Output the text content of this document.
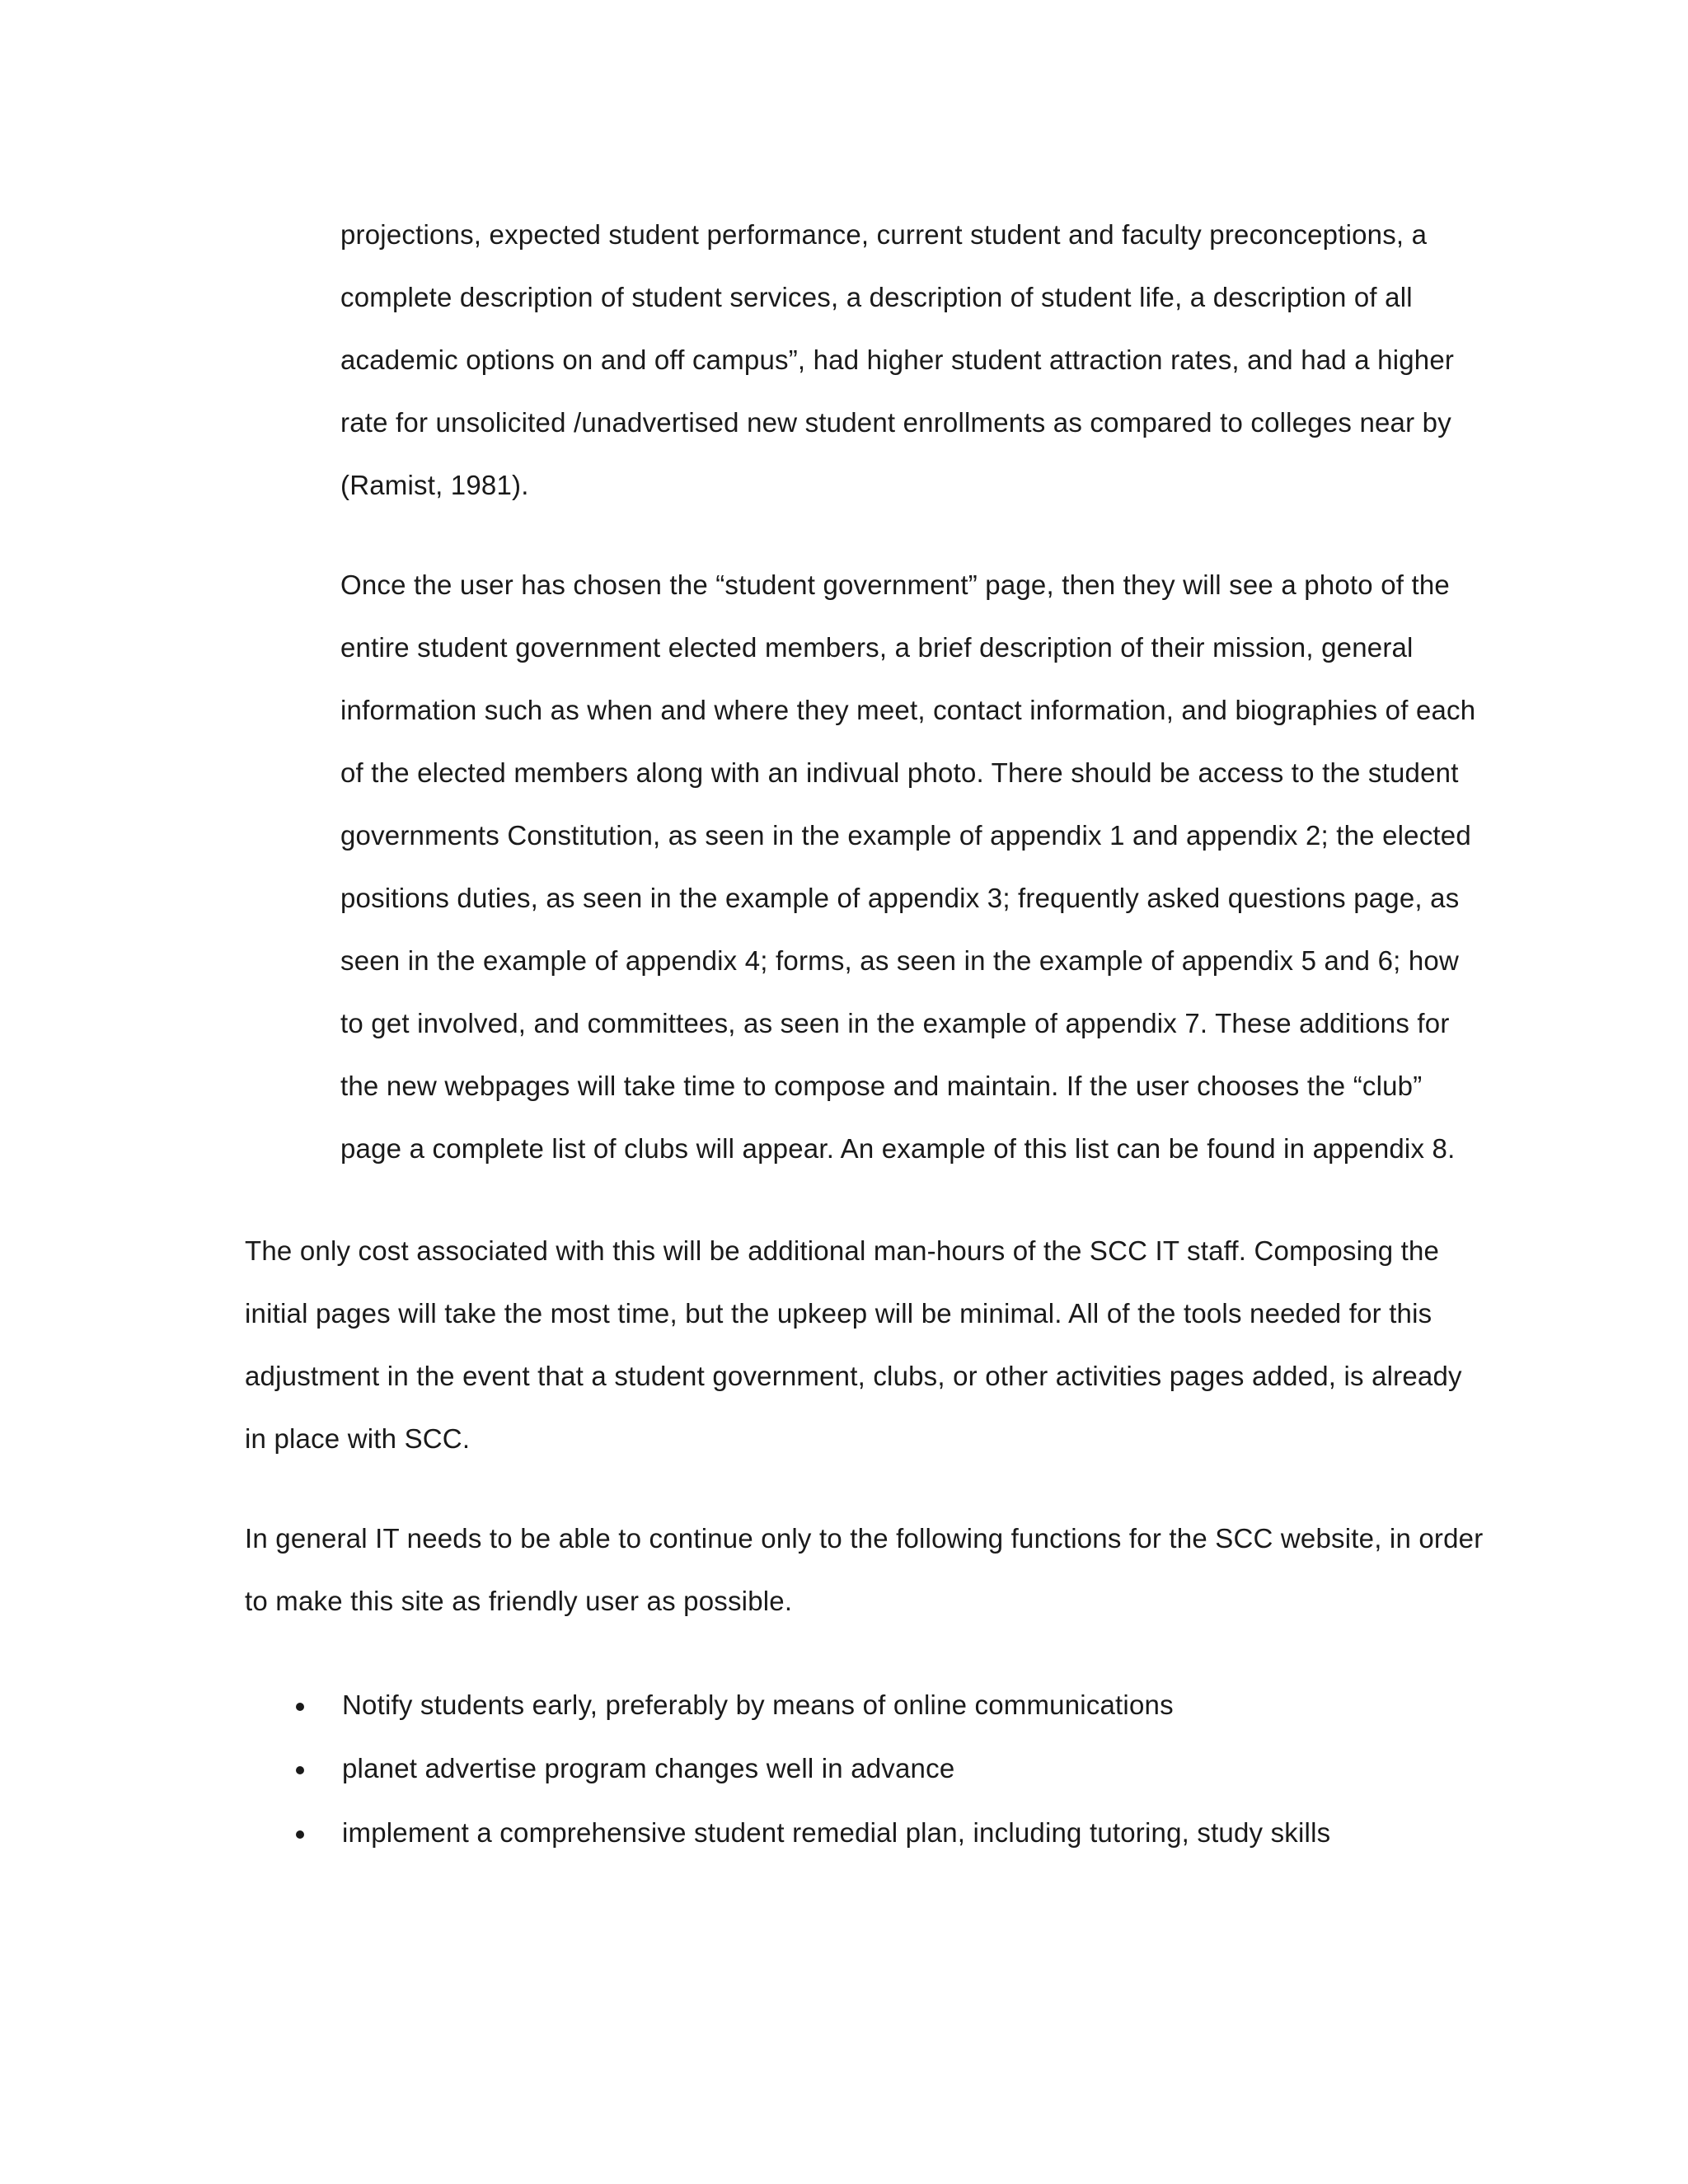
projections, expected student performance, current student and faculty preconceptions, a
complete description of student services, a description of student life, a description of all
academic options on and off campus”, had higher student attraction rates, and had a higher
rate for unsolicited /unadvertised new student enrollments as compared to colleges near by
(Ramist, 1981).
Once the user has chosen the “student government” page, then they will see a photo of the
entire student government elected members, a brief description of their mission, general
information such as when and where they meet, contact information, and biographies of each
of the elected members along with an indivual photo. There should be access to the student
governments Constitution, as seen in the example of appendix 1 and appendix 2; the elected
positions duties, as seen in the example of appendix 3; frequently asked questions page, as
seen in the example of appendix 4; forms, as seen in the example of appendix 5 and 6; how
to get involved, and committees, as seen in the example of appendix 7. These additions for
the new webpages will take time to compose and maintain. If the user chooses the “club”
page a complete list of clubs will appear. An example of this list can be found in appendix 8.
The only cost associated with this will be additional man-hours of the SCC IT staff. Composing the
initial pages will take the most time, but the upkeep will be minimal. All of the tools needed for this
adjustment in the event that a student government, clubs, or other activities pages added, is already
in place with SCC.
In general IT needs to be able to continue only to the following functions for the SCC website, in order
to make this site as friendly user as possible.
Notify students early, preferably by means of online communications
planet advertise program changes well in advance
implement a comprehensive student remedial plan, including tutoring, study skills
